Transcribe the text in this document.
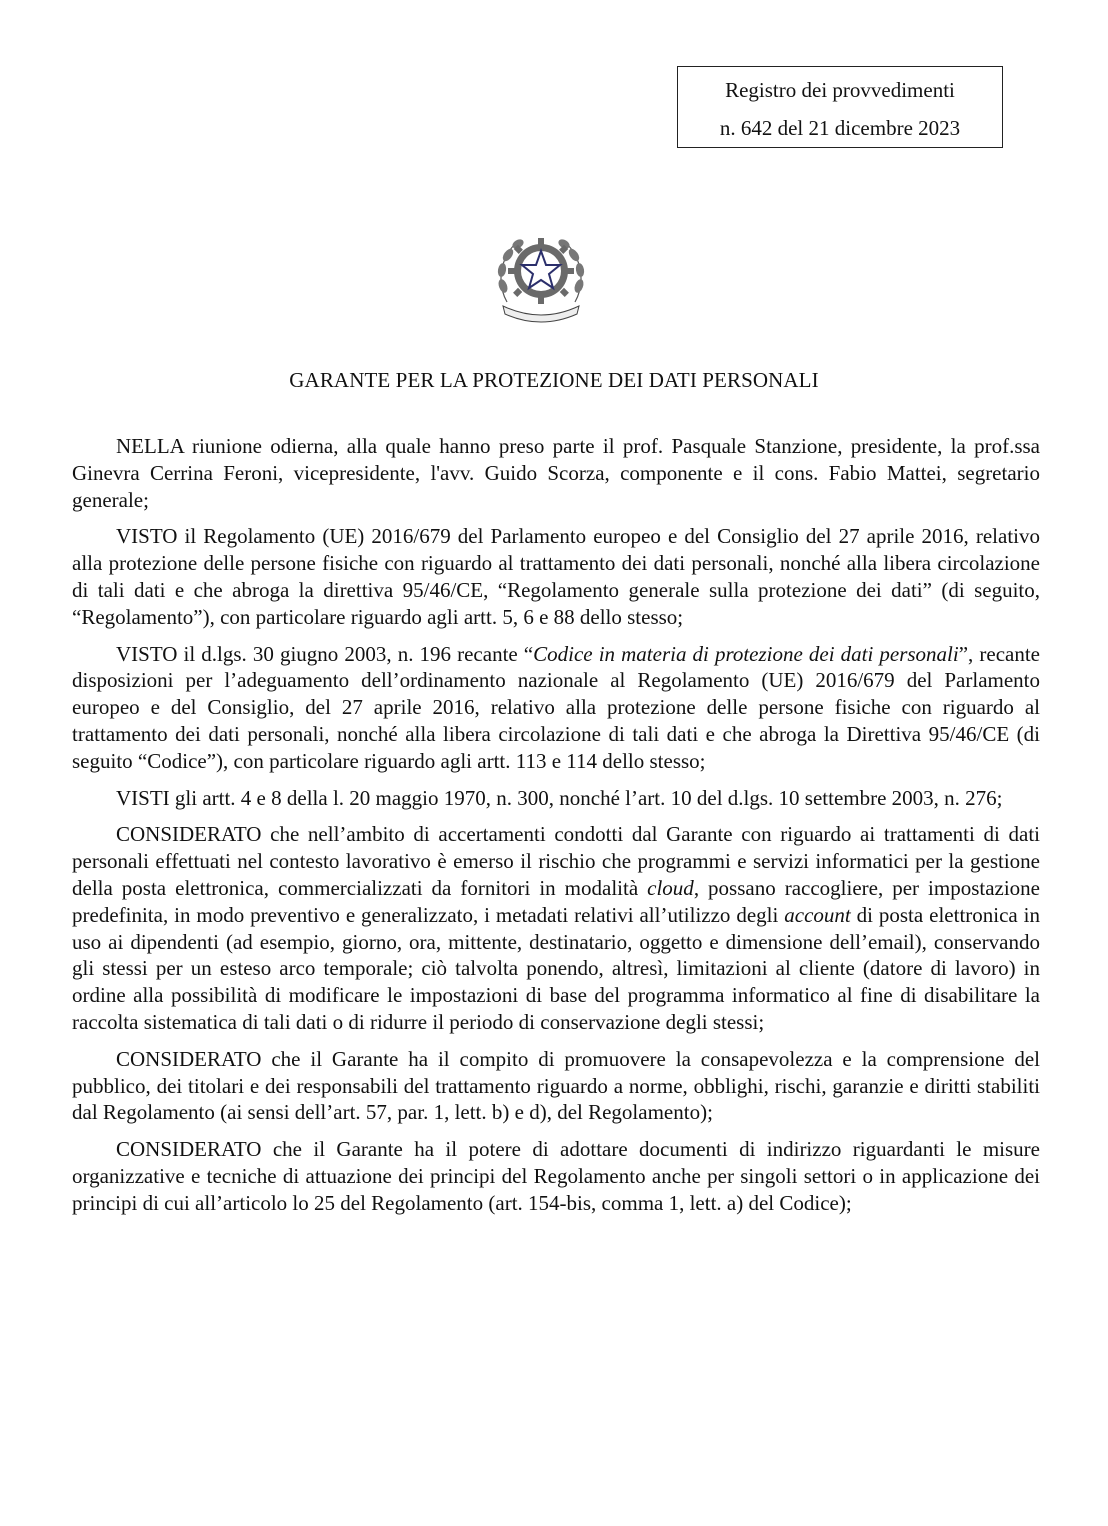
Registro dei provvedimenti
n. 642 del 21 dicembre 2023
GARANTE PER LA PROTEZIONE DEI DATI PERSONALI

NELLA riunione odierna, alla quale hanno preso parte il prof. Pasquale Stanzione, presidente, la prof.ssa Ginevra Cerrina Feroni, vicepresidente, l'avv. Guido Scorza, componente e il cons. Fabio Mattei, segretario generale;

VISTO il Regolamento (UE) 2016/679 del Parlamento europeo e del Consiglio del 27 aprile 2016, relativo alla protezione delle persone fisiche con riguardo al trattamento dei dati personali, nonché alla libera circolazione di tali dati e che abroga la direttiva 95/46/CE, “Regolamento generale sulla protezione dei dati” (di seguito, “Regolamento”), con particolare riguardo agli artt. 5, 6 e 88 dello stesso;

VISTO il d.lgs. 30 giugno 2003, n. 196 recante “Codice in materia di protezione dei dati personali”, recante disposizioni per l’adeguamento dell’ordinamento nazionale al Regolamento (UE) 2016/679 del Parlamento europeo e del Consiglio, del 27 aprile 2016, relativo alla protezione delle persone fisiche con riguardo al trattamento dei dati personali, nonché alla libera circolazione di tali dati e che abroga la Direttiva 95/46/CE (di seguito “Codice”), con particolare riguardo agli artt. 113 e 114 dello stesso;

VISTI gli artt. 4 e 8 della l. 20 maggio 1970, n. 300, nonché l’art. 10 del d.lgs. 10 settembre 2003, n. 276;

CONSIDERATO che nell’ambito di accertamenti condotti dal Garante con riguardo ai trattamenti di dati personali effettuati nel contesto lavorativo è emerso il rischio che programmi e servizi informatici per la gestione della posta elettronica, commercializzati da fornitori in modalità cloud, possano raccogliere, per impostazione predefinita, in modo preventivo e generalizzato, i metadati relativi all’utilizzo degli account di posta elettronica in uso ai dipendenti (ad esempio, giorno, ora, mittente, destinatario, oggetto e dimensione dell’email), conservando gli stessi per un esteso arco temporale; ciò talvolta ponendo, altresì, limitazioni al cliente (datore di lavoro) in ordine alla possibilità di modificare le impostazioni di base del programma informatico al fine di disabilitare la raccolta sistematica di tali dati o di ridurre il periodo di conservazione degli stessi;

CONSIDERATO che il Garante ha il compito di promuovere la consapevolezza e la comprensione del pubblico, dei titolari e dei responsabili del trattamento riguardo a norme, obblighi, rischi, garanzie e diritti stabiliti dal Regolamento (ai sensi dell’art. 57, par. 1, lett. b) e d), del Regolamento);

CONSIDERATO che il Garante ha il potere di adottare documenti di indirizzo riguardanti le misure organizzative e tecniche di attuazione dei principi del Regolamento anche per singoli settori o in applicazione dei principi di cui all’articolo lo 25 del Regolamento (art. 154-bis, comma 1, lett. a) del Codice);
